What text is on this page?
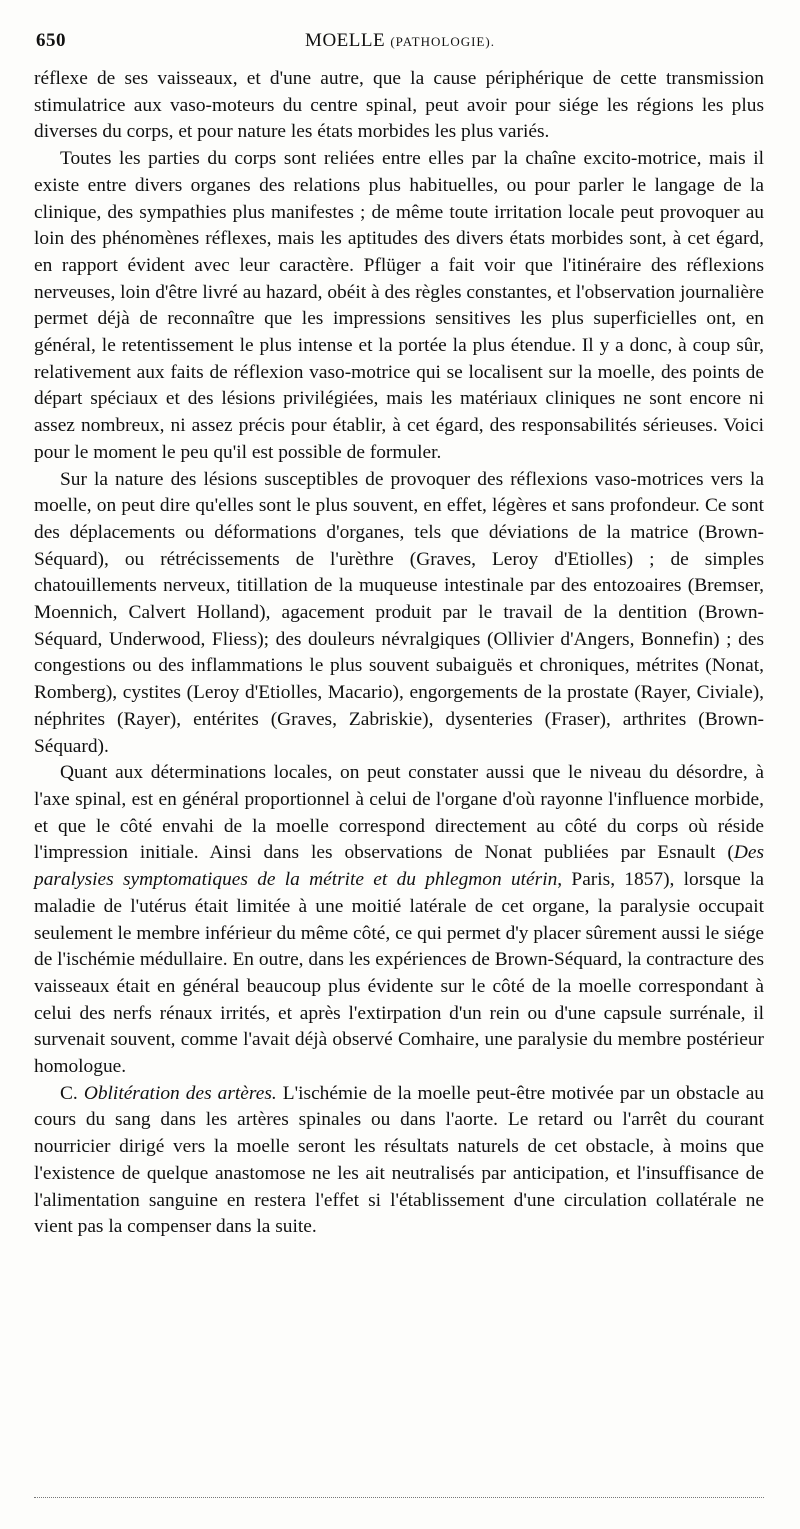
650	MOELLE (PATHOLOGIE).

réflexe de ses vaisseaux, et d'une autre, que la cause périphérique de cette transmission stimulatrice aux vaso-moteurs du centre spinal, peut avoir pour siége les régions les plus diverses du corps, et pour nature les états morbides les plus variés.

Toutes les parties du corps sont reliées entre elles par la chaîne excito-motrice, mais il existe entre divers organes des relations plus habituelles, ou pour parler le langage de la clinique, des sympathies plus manifestes ; de même toute irritation locale peut provoquer au loin des phénomènes réflexes, mais les aptitudes des divers états morbides sont, à cet égard, en rapport évident avec leur caractère. Pflüger a fait voir que l'itinéraire des réflexions nerveuses, loin d'être livré au hazard, obéit à des règles constantes, et l'observation journalière permet déjà de reconnaître que les impressions sensitives les plus superficielles ont, en général, le retentissement le plus intense et la portée la plus étendue. Il y a donc, à coup sûr, relativement aux faits de réflexion vaso-motrice qui se localisent sur la moelle, des points de départ spéciaux et des lésions privilégiées, mais les matériaux cliniques ne sont encore ni assez nombreux, ni assez précis pour établir, à cet égard, des responsabilités sérieuses. Voici pour le moment le peu qu'il est possible de formuler.

Sur la nature des lésions susceptibles de provoquer des réflexions vaso-motrices vers la moelle, on peut dire qu'elles sont le plus souvent, en effet, légères et sans profondeur. Ce sont des déplacements ou déformations d'organes, tels que déviations de la matrice (Brown-Séquard), ou rétrécissements de l'urèthre (Graves, Leroy d'Etiolles) ; de simples chatouillements nerveux, titillation de la muqueuse intestinale par des entozoaires (Bremser, Moennich, Calvert Holland), agacement produit par le travail de la dentition (Brown-Séquard, Underwood, Fliess); des douleurs névralgiques (Ollivier d'Angers, Bonnefin) ; des congestions ou des inflammations le plus souvent subaiguës et chroniques, métrites (Nonat, Romberg), cystites (Leroy d'Etiolles, Macario), engorgements de la prostate (Rayer, Civiale), néphrites (Rayer), entérites (Graves, Zabriskie), dysenteries (Fraser), arthrites (Brown-Séquard).

Quant aux déterminations locales, on peut constater aussi que le niveau du désordre, à l'axe spinal, est en général proportionnel à celui de l'organe d'où rayonne l'influence morbide, et que le côté envahi de la moelle correspond directement au côté du corps où réside l'impression initiale. Ainsi dans les observations de Nonat publiées par Esnault (Des paralysies symptomatiques de la métrite et du phlegmon utérin, Paris, 1857), lorsque la maladie de l'utérus était limitée à une moitié latérale de cet organe, la paralysie occupait seulement le membre inférieur du même côté, ce qui permet d'y placer sûrement aussi le siége de l'ischémie médullaire. En outre, dans les expériences de Brown-Séquard, la contracture des vaisseaux était en général beaucoup plus évidente sur le côté de la moelle correspondant à celui des nerfs rénaux irrités, et après l'extirpation d'un rein ou d'une capsule surrénale, il survenait souvent, comme l'avait déjà observé Comhaire, une paralysie du membre postérieur homologue.

C. Oblitération des artères. L'ischémie de la moelle peut-être motivée par un obstacle au cours du sang dans les artères spinales ou dans l'aorte. Le retard ou l'arrêt du courant nourricier dirigé vers la moelle seront les résultats naturels de cet obstacle, à moins que l'existence de quelque anastomose ne les ait neutralisés par anticipation, et l'insuffisance de l'alimentation sanguine en restera l'effet si l'établissement d'une circulation collatérale ne vient pas la compenser dans la suite.
